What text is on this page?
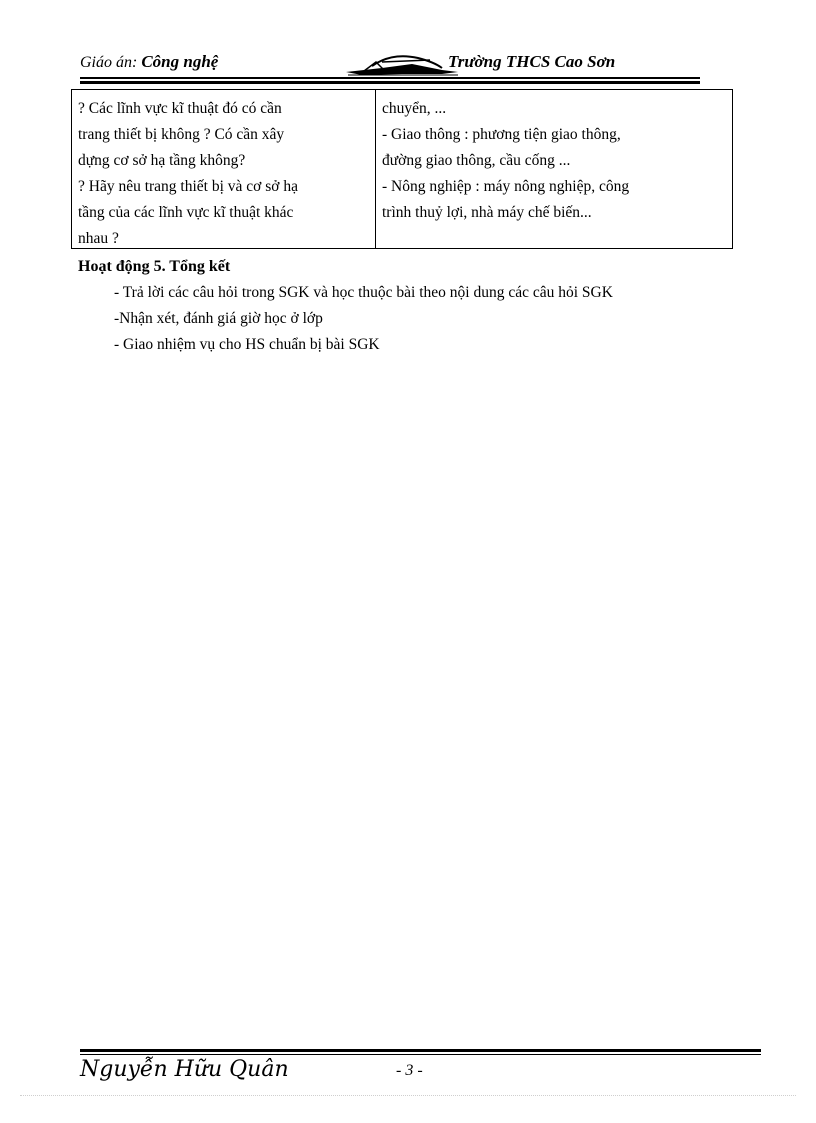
Giáo án: Công nghệ	Trường THCS Cao Sơn
? Các lĩnh vực kĩ thuật đó có cần
trang thiết bị không ? Có cần xây
dựng cơ sở hạ tầng không?
? Hãy nêu trang thiết bị và cơ sở hạ
tầng của các lĩnh vực kĩ thuật khác
nhau ?
chuyển, ...
- Giao thông : phương tiện giao thông,
đường giao thông, cầu cống ...
- Nông nghiệp : máy nông nghiệp, công
trình thuỷ lợi, nhà máy chế biến...
Hoạt động 5. Tổng kết
- Trả lời các câu hỏi trong SGK và học thuộc bài theo nội dung các câu hỏi SGK
-Nhận xét, đánh giá giờ học ở lớp
- Giao nhiệm vụ cho HS chuẩn bị bài SGK
Nguyễn Hữu Quân	- 3 -
